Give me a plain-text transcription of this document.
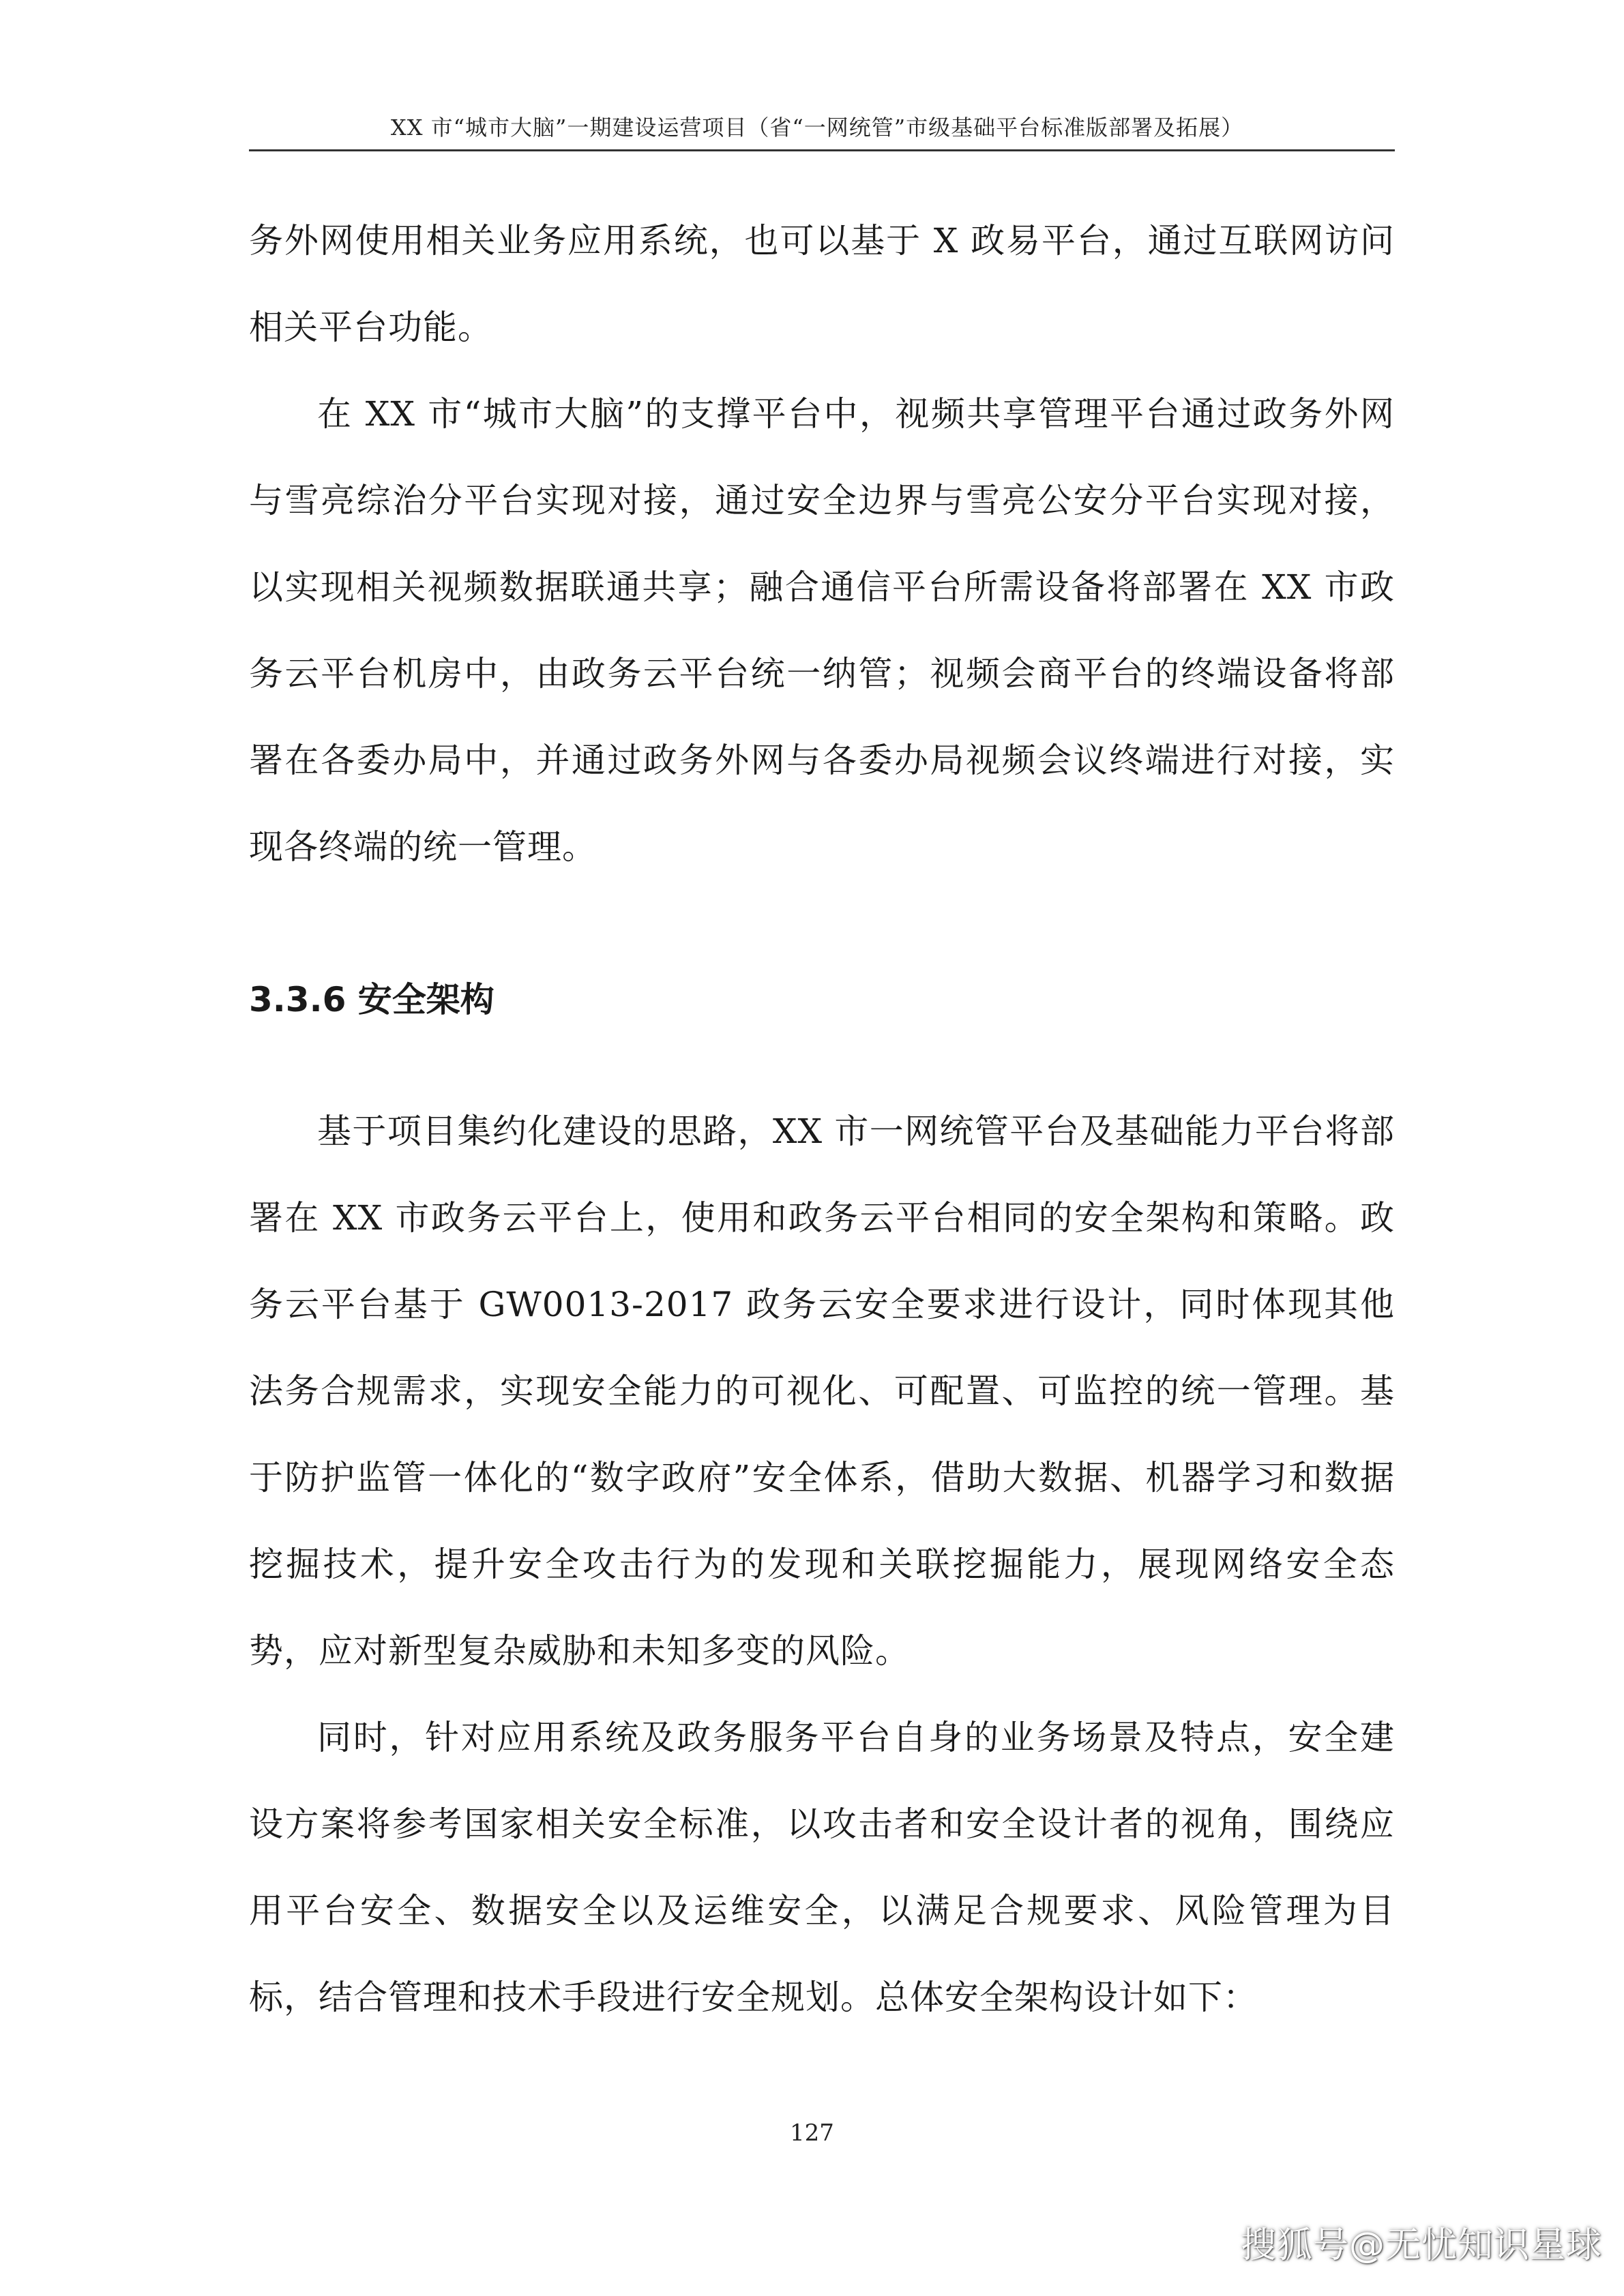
XX 市“城市大脑”一期建设运营项目（省“一网统管”市级基础平台标准版部署及拓展）

务外网使用相关业务应用系统，也可以基于 X 政易平台，通过互联网访问相关平台功能。

在 XX 市“城市大脑”的支撑平台中，视频共享管理平台通过政务外网与雪亮综治分平台实现对接，通过安全边界与雪亮公安分平台实现对接，以实现相关视频数据联通共享；融合通信平台所需设备将部署在 XX 市政务云平台机房中，由政务云平台统一纳管；视频会商平台的终端设备将部署在各委办局中，并通过政务外网与各委办局视频会议终端进行对接，实现各终端的统一管理。

3.3.6 安全架构

基于项目集约化建设的思路，XX 市一网统管平台及基础能力平台将部署在 XX 市政务云平台上，使用和政务云平台相同的安全架构和策略。政务云平台基于 GW0013-2017 政务云安全要求进行设计，同时体现其他法务合规需求，实现安全能力的可视化、可配置、可监控的统一管理。基于防护监管一体化的“数字政府”安全体系，借助大数据、机器学习和数据挖掘技术，提升安全攻击行为的发现和关联挖掘能力，展现网络安全态势，应对新型复杂威胁和未知多变的风险。

同时，针对应用系统及政务服务平台自身的业务场景及特点，安全建设方案将参考国家相关安全标准，以攻击者和安全设计者的视角，围绕应用平台安全、数据安全以及运维安全，以满足合规要求、风险管理为目标，结合管理和技术手段进行安全规划。总体安全架构设计如下：

127
搜狐号@无忧知识星球
